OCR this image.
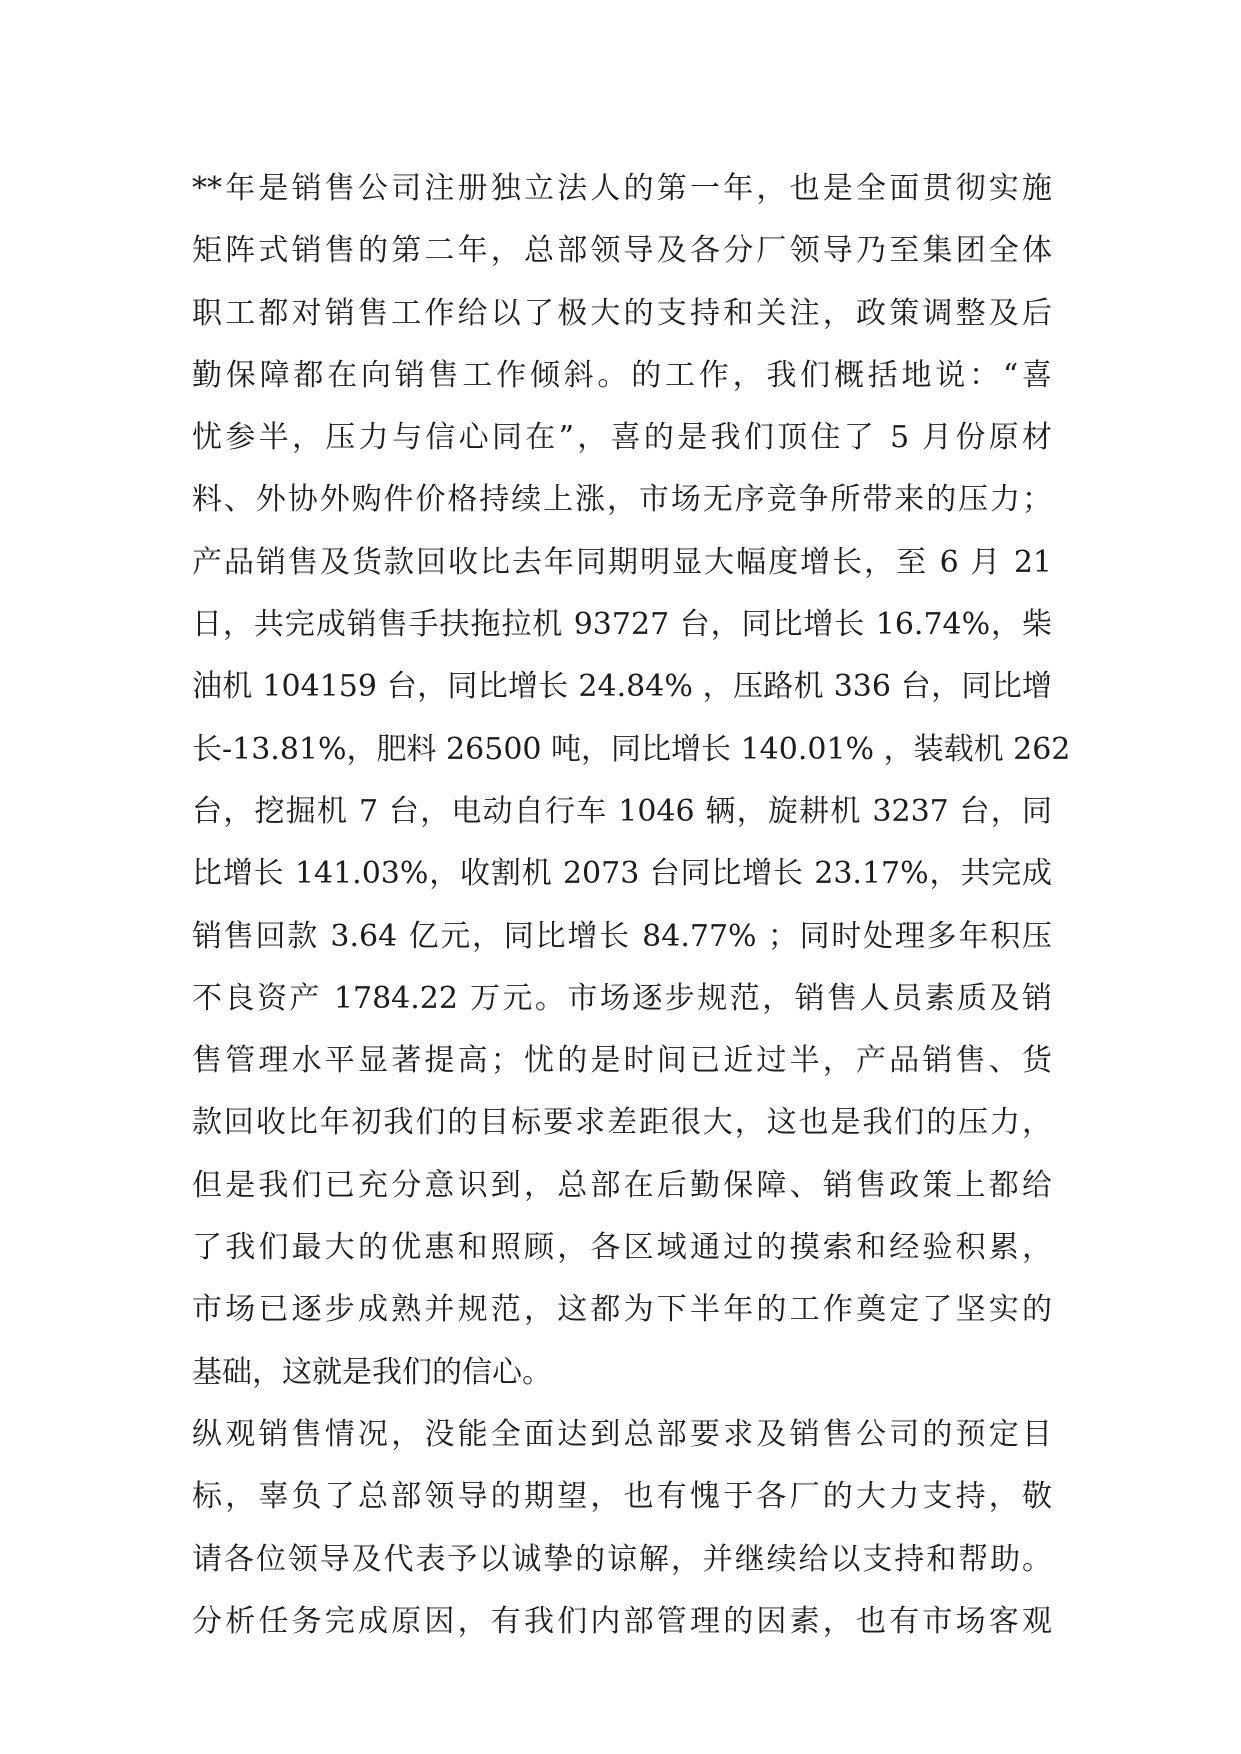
**年是销售公司注册独立法人的第一年，也是全面贯彻实施
矩阵式销售的第二年，总部领导及各分厂领导乃至集团全体
职工都对销售工作给以了极大的支持和关注，政策调整及后
勤保障都在向销售工作倾斜。的工作，我们概括地说：“喜
忧参半，压力与信心同在”，喜的是我们顶住了 5 月份原材
料、外协外购件价格持续上涨，市场无序竞争所带来的压力；
产品销售及货款回收比去年同期明显大幅度增长，至 6 月 21
日，共完成销售手扶拖拉机 93727 台，同比增长 16.74%，柴
油机 104159 台，同比增长 24.84% ，压路机 336 台，同比增
长-13.81%，肥料 26500 吨，同比增长 140.01% ，装载机 262
台，挖掘机 7 台，电动自行车 1046 辆，旋耕机 3237 台，同
比增长 141.03%，收割机 2073 台同比增长 23.17%，共完成
销售回款 3.64 亿元，同比增长 84.77% ；同时处理多年积压
不良资产 1784.22 万元。市场逐步规范，销售人员素质及销
售管理水平显著提高；忧的是时间已近过半，产品销售、货
款回收比年初我们的目标要求差距很大，这也是我们的压力，
但是我们已充分意识到，总部在后勤保障、销售政策上都给
了我们最大的优惠和照顾，各区域通过的摸索和经验积累，
市场已逐步成熟并规范，这都为下半年的工作奠定了坚实的
基础，这就是我们的信心。
纵观销售情况，没能全面达到总部要求及销售公司的预定目
标，辜负了总部领导的期望，也有愧于各厂的大力支持，敬
请各位领导及代表予以诚挚的谅解，并继续给以支持和帮助。
分析任务完成原因，有我们内部管理的因素，也有市场客观
